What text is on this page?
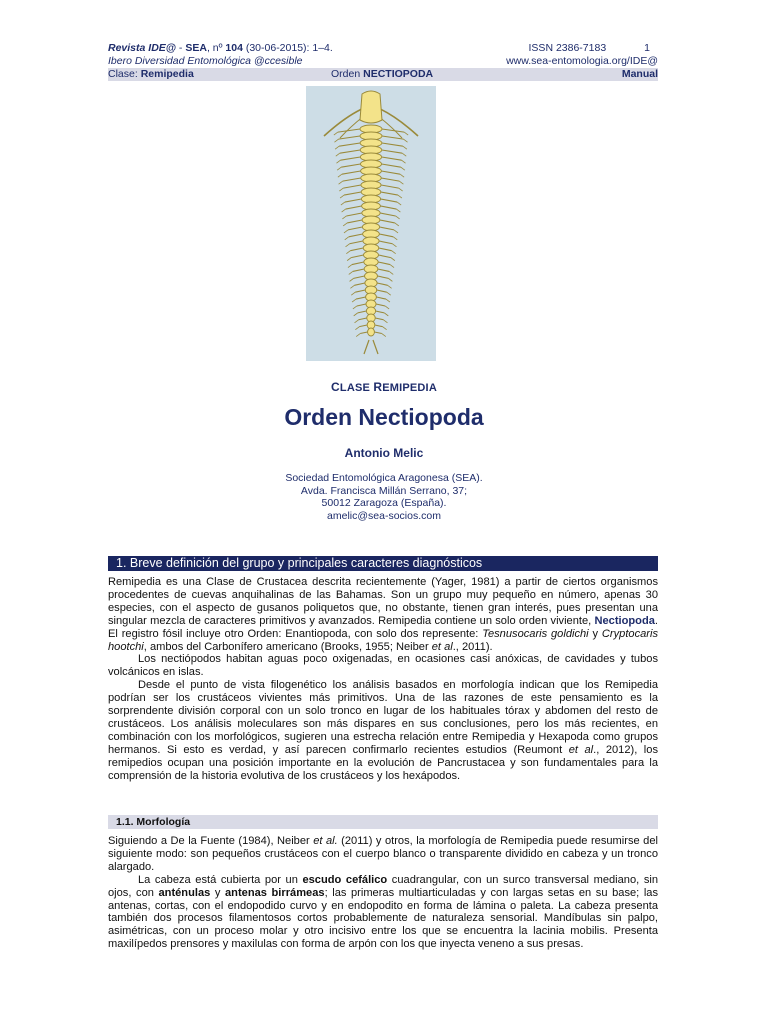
Revista IDE@ - SEA, nº 104 (30-06-2015): 1–4.	ISSN 2386-7183	1
Ibero Diversidad Entomológica @ccesible	www.sea-entomologia.org/IDE@
Clase: Remipedia	Orden NECTIOPODA	Manual
CLASE REMIPEDIA
Orden Nectiopoda
Antonio Melic
Sociedad Entomológica Aragonesa (SEA).
Avda. Francisca Millán Serrano, 37;
50012 Zaragoza (España).
amelic@sea-socios.com
1. Breve definición del grupo y principales caracteres diagnósticos

Remipedia es una Clase de Crustacea descrita recientemente (Yager, 1981) a partir de ciertos organismos procedentes de cuevas anquihalinas de las Bahamas. Son un grupo muy pequeño en número, apenas 30 especies, con el aspecto de gusanos poliquetos que, no obstante, tienen gran interés, pues presentan una singular mezcla de caracteres primitivos y avanzados. Remipedia contiene un solo orden viviente, Nectiopoda. El registro fósil incluye otro Orden: Enantiopoda, con solo dos represente: Tesnusocaris goldichi y Cryptocaris hootchi, ambos del Carbonífero americano (Brooks, 1955; Neiber et al., 2011).

Los nectiópodos habitan aguas poco oxigenadas, en ocasiones casi anóxicas, de cavidades y tubos volcánicos en islas.

Desde el punto de vista filogenético los análisis basados en morfología indican que los Remipedia podrían ser los crustáceos vivientes más primitivos. Una de las razones de este pensamiento es la sorprendente división corporal con un solo tronco en lugar de los habituales tórax y abdomen del resto de crustáceos. Los análisis moleculares son más dispares en sus conclusiones, pero los más recientes, en combinación con los morfológicos, sugieren una estrecha relación entre Remipedia y Hexapoda como grupos hermanos. Si esto es verdad, y así parecen confirmarlo recientes estudios (Reumont et al., 2012), los remipedios ocupan una posición importante en la evolución de Pancrustacea y son fundamentales para la comprensión de la historia evolutiva de los crustáceos y los hexápodos.

1.1. Morfología

Siguiendo a De la Fuente (1984), Neiber et al. (2011) y otros, la morfología de Remipedia puede resumirse del siguiente modo: son pequeños crustáceos con el cuerpo blanco o transparente dividido en cabeza y un tronco alargado.

La cabeza está cubierta por un escudo cefálico cuadrangular, con un surco transversal mediano, sin ojos, con anténulas y antenas birrámeas; las primeras multiarticuladas y con largas setas en su base; las antenas, cortas, con el endopodido curvo y en endopodito en forma de lámina o paleta. La cabeza presenta también dos procesos filamentosos cortos probablemente de naturaleza sensorial. Mandíbulas sin palpo, asimétricas, con un proceso molar y otro incisivo entre los que se encuentra la lacinia mobilis. Presenta maxilípedos prensores y maxilulas con forma de arpón con los que inyecta veneno a sus presas.
